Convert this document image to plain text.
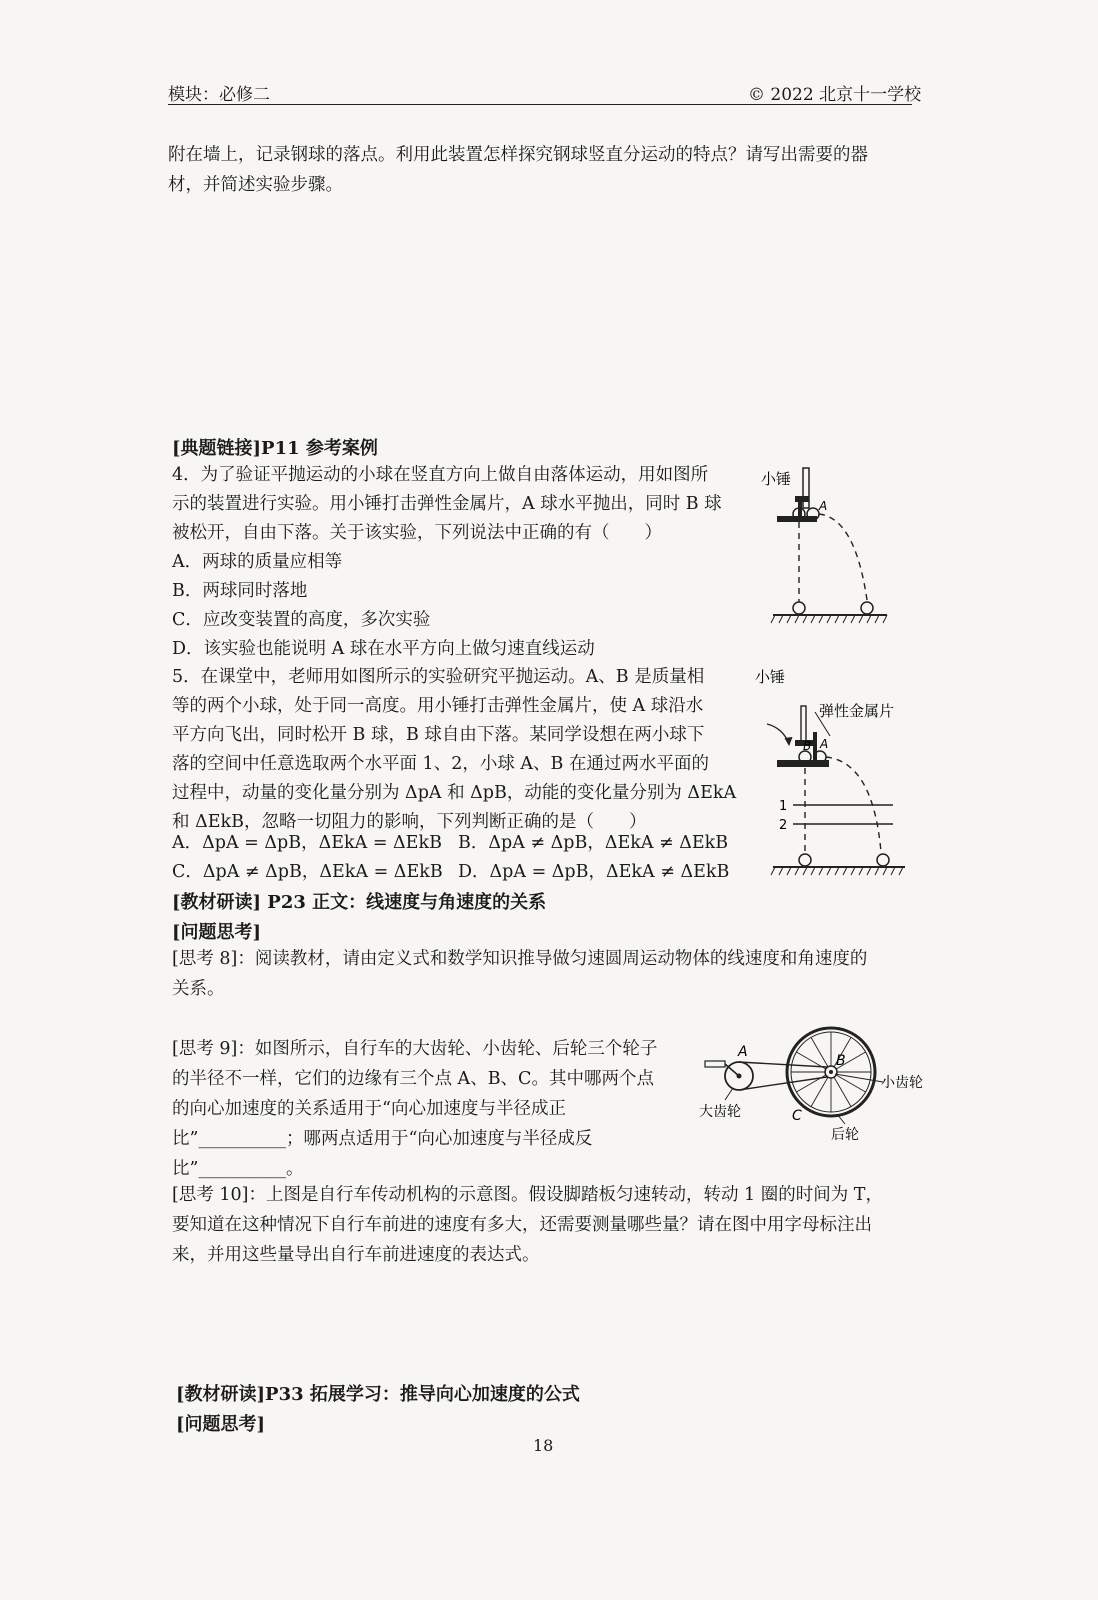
模块：必修二	© 2022 北京十一学校
附在墙上，记录钢球的落点。利用此装置怎样探究钢球竖直分运动的特点？请写出需要的器
材，并简述实验步骤。
[典题链接]P11 参考案例
4．为了验证平抛运动的小球在竖直方向上做自由落体运动，用如图所
示的装置进行实验。用小锤打击弹性金属片，A 球水平抛出，同时 B 球
被松开，自由下落。关于该实验，下列说法中正确的有（　　）
A．两球的质量应相等
B．两球同时落地
C．应改变装置的高度，多次实验
D．该实验也能说明 A 球在水平方向上做匀速直线运动
小锤
A
5．在课堂中，老师用如图所示的实验研究平抛运动。A、B 是质量相
等的两个小球，处于同一高度。用小锤打击弹性金属片，使 A 球沿水
平方向飞出，同时松开 B 球，B 球自由下落。某同学设想在两小球下
落的空间中任意选取两个水平面 1、2，小球 A、B 在通过两水平面的
过程中，动量的变化量分别为 ΔpA 和 ΔpB，动能的变化量分别为 ΔEkA
和 ΔEkB，忽略一切阻力的影响，下列判断正确的是（　　）
A．ΔpA = ΔpB，ΔEkA = ΔEkB B．ΔpA ≠ ΔpB，ΔEkA ≠ ΔEkB
C．ΔpA ≠ ΔpB，ΔEkA = ΔEkB D．ΔpA = ΔpB，ΔEkA ≠ ΔEkB
小锤
弹性金属片
B A
1
2
[教材研读] P23 正文：线速度与角速度的关系
[问题思考]
[思考 8]：阅读教材，请由定义式和数学知识推导做匀速圆周运动物体的线速度和角速度的
关系。
[思考 9]：如图所示，自行车的大齿轮、小齿轮、后轮三个轮子
的半径不一样，它们的边缘有三个点 A、B、C。其中哪两个点
的向心加速度的关系适用于“向心加速度与半径成正
比”__________；哪两点适用于“向心加速度与半径成反
比”__________。
A
B
C
大齿轮
小齿轮
后轮
[思考 10]：上图是自行车传动机构的示意图。假设脚踏板匀速转动，转动 1 圈的时间为 T，
要知道在这种情况下自行车前进的速度有多大，还需要测量哪些量？请在图中用字母标注出
来，并用这些量导出自行车前进速度的表达式。
[教材研读]P33 拓展学习：推导向心加速度的公式
[问题思考]
18
